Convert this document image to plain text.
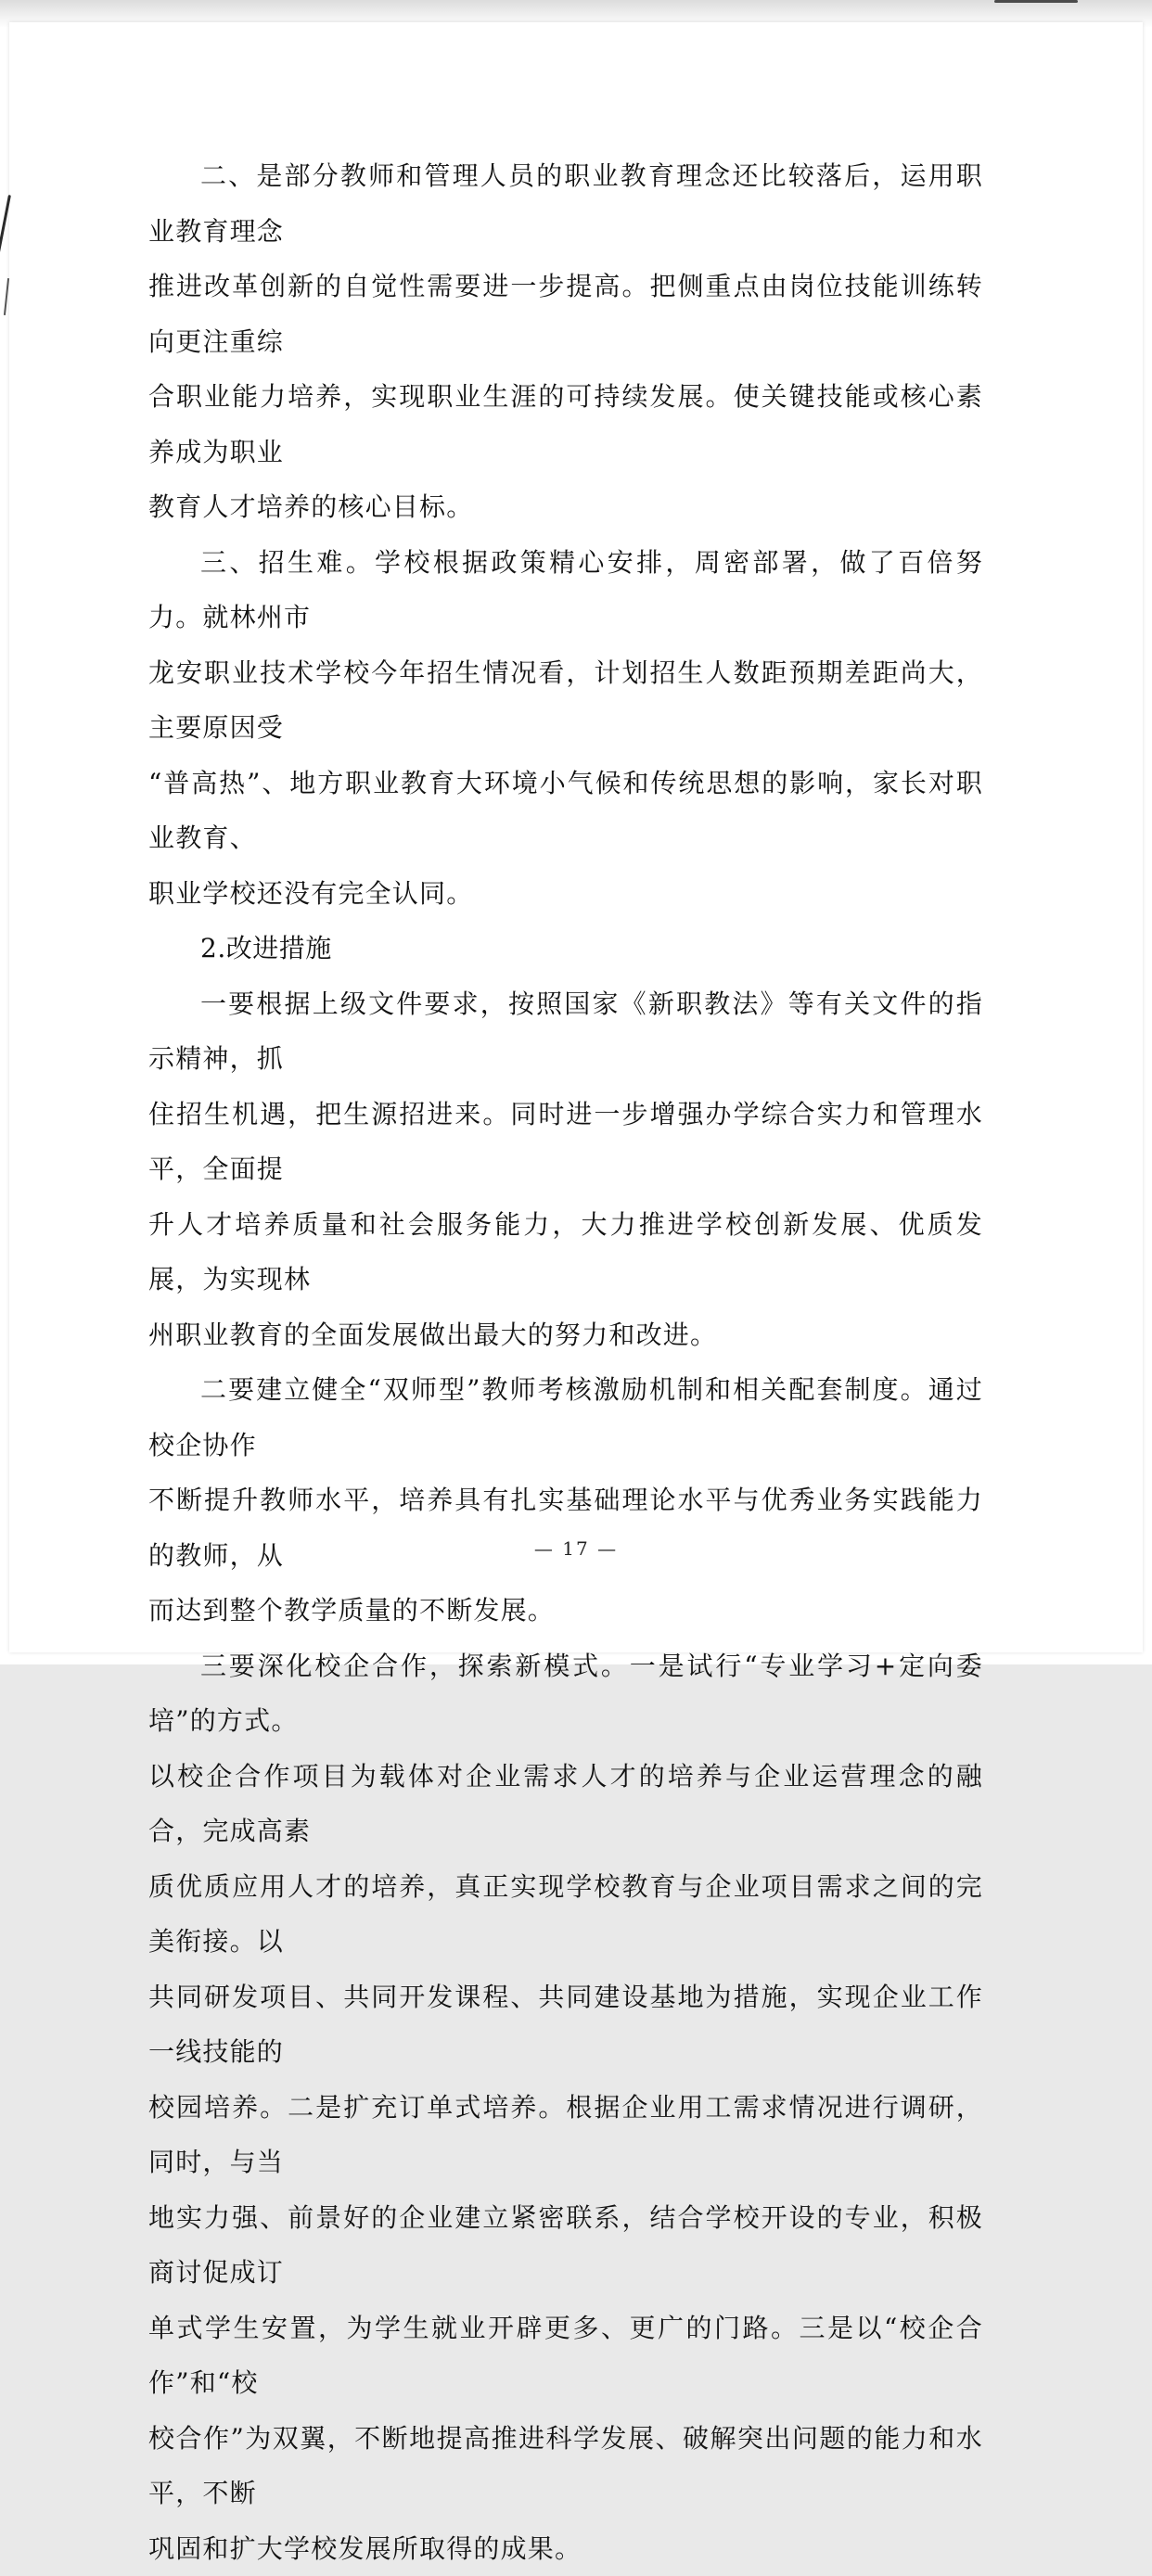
二、是部分教师和管理人员的职业教育理念还比较落后，运用职业教育理念
推进改革创新的自觉性需要进一步提高。把侧重点由岗位技能训练转向更注重综
合职业能力培养，实现职业生涯的可持续发展。使关键技能或核心素养成为职业
教育人才培养的核心目标。

三、招生难。学校根据政策精心安排，周密部署，做了百倍努力。就林州市
龙安职业技术学校今年招生情况看，计划招生人数距预期差距尚大，主要原因受
“普高热”、地方职业教育大环境小气候和传统思想的影响，家长对职业教育、
职业学校还没有完全认同。

2.改进措施

一要根据上级文件要求，按照国家《新职教法》等有关文件的指示精神，抓
住招生机遇，把生源招进来。同时进一步增强办学综合实力和管理水平，全面提
升人才培养质量和社会服务能力，大力推进学校创新发展、优质发展，为实现林
州职业教育的全面发展做出最大的努力和改进。

二要建立健全“双师型”教师考核激励机制和相关配套制度。通过校企协作
不断提升教师水平，培养具有扎实基础理论水平与优秀业务实践能力的教师，从
而达到整个教学质量的不断发展。

三要深化校企合作，探索新模式。一是试行“专业学习+定向委培”的方式。
以校企合作项目为载体对企业需求人才的培养与企业运营理念的融合，完成高素
质优质应用人才的培养，真正实现学校教育与企业项目需求之间的完美衔接。以
共同研发项目、共同开发课程、共同建设基地为措施，实现企业工作一线技能的
校园培养。二是扩充订单式培养。根据企业用工需求情况进行调研，同时，与当
地实力强、前景好的企业建立紧密联系，结合学校开设的专业，积极商讨促成订
单式学生安置，为学生就业开辟更多、更广的门路。三是以“校企合作”和“校
校合作”为双翼，不断地提高推进科学发展、破解突出问题的能力和水平，不断
巩固和扩大学校发展所取得的成果。

— 17 —
